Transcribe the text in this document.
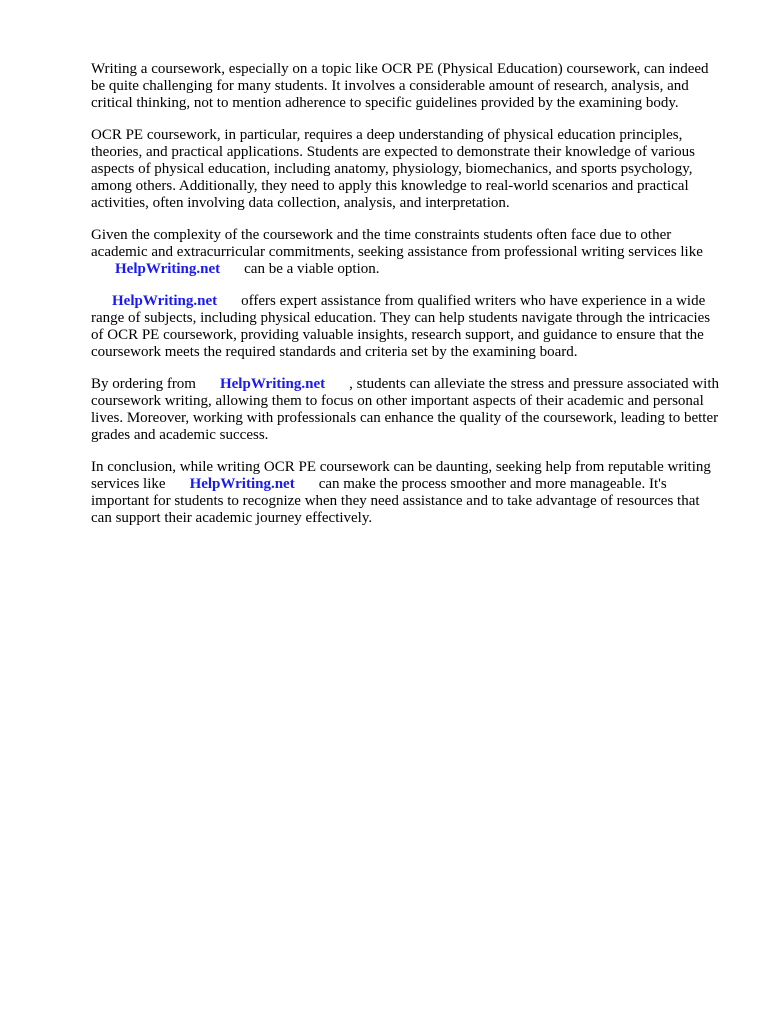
Writing a coursework, especially on a topic like OCR PE (Physical Education) coursework, can indeed be quite challenging for many students. It involves a considerable amount of research, analysis, and critical thinking, not to mention adherence to specific guidelines provided by the examining body.

OCR PE coursework, in particular, requires a deep understanding of physical education principles, theories, and practical applications. Students are expected to demonstrate their knowledge of various aspects of physical education, including anatomy, physiology, biomechanics, and sports psychology, among others. Additionally, they need to apply this knowledge to real-world scenarios and practical activities, often involving data collection, analysis, and interpretation.

Given the complexity of the coursework and the time constraints students often face due to other academic and extracurricular commitments, seeking assistance from professional writing services likeHelpWriting.net can be a viable option.

HelpWriting.net offers expert assistance from qualified writers who have experience in a wide range of subjects, including physical education. They can help students navigate through the intricacies of OCR PE coursework, providing valuable insights, research support, and guidance to ensure that the coursework meets the required standards and criteria set by the examining board.

By ordering from HelpWriting.net , students can alleviate the stress and pressure associated with coursework writing, allowing them to focus on other important aspects of their academic and personal lives. Moreover, working with professionals can enhance the quality of the coursework, leading to better grades and academic success.

In conclusion, while writing OCR PE coursework can be daunting, seeking help from reputable writing services like HelpWriting.net can make the process smoother and more manageable. It's important for students to recognize when they need assistance and to take advantage of resources that can support their academic journey effectively.
